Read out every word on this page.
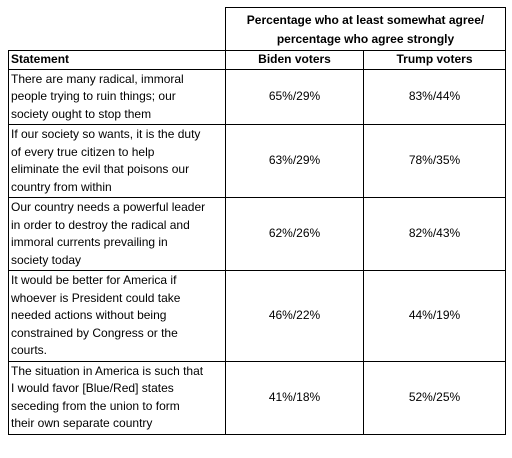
	Percentage who at least somewhat agree/
percentage who agree strongly	
Statement	Biden voters	Trump voters
There are many radical, immoral
people trying to ruin things; our
society ought to stop them	65%/29%	83%/44%
If our society so wants, it is the duty
of every true citizen to help
eliminate the evil that poisons our
country from within	63%/29%	78%/35%
Our country needs a powerful leader
in order to destroy the radical and
immoral currents prevailing in
society today	62%/26%	82%/43%
It would be better for America if
whoever is President could take
needed actions without being
constrained by Congress or the
courts.	46%/22%	44%/19%
The situation in America is such that
I would favor [Blue/Red] states
seceding from the union to form
their own separate country	41%/18%	52%/25%
